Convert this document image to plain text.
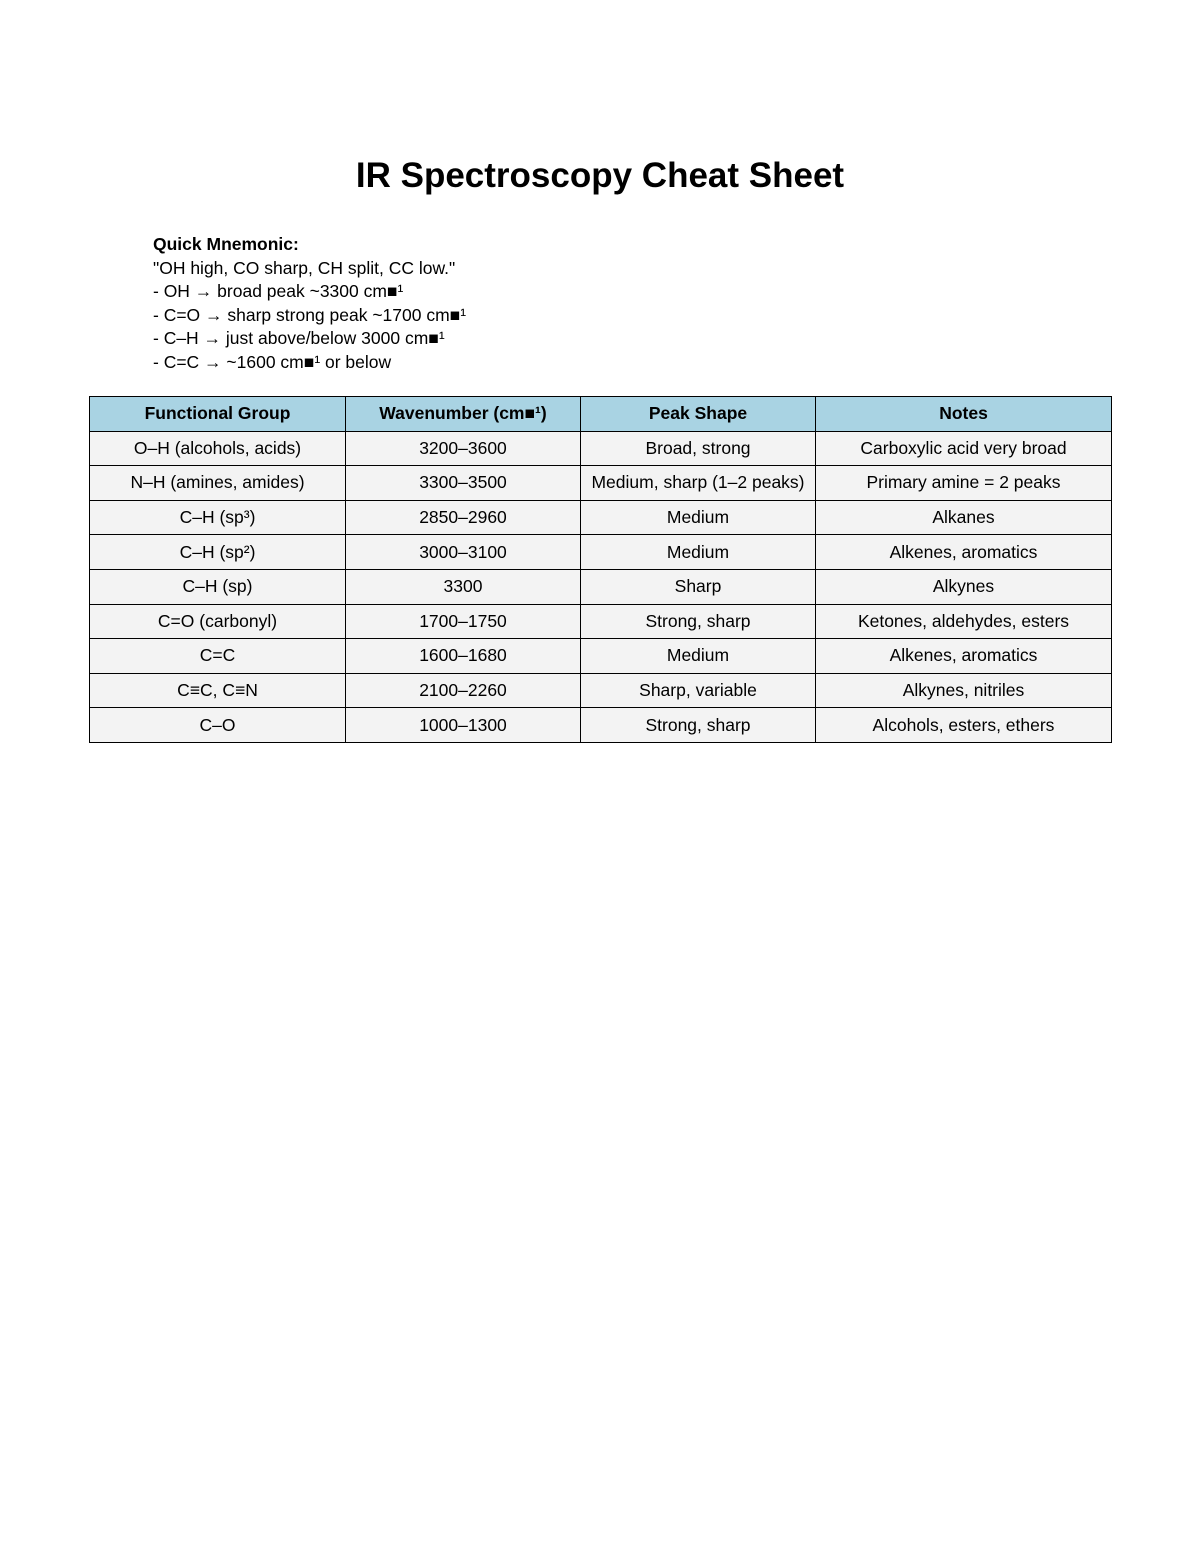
IR Spectroscopy Cheat Sheet
Quick Mnemonic:
"OH high, CO sharp, CH split, CC low."
- OH → broad peak ~3300 cm■¹
- C=O → sharp strong peak ~1700 cm■¹
- C–H → just above/below 3000 cm■¹
- C=C → ~1600 cm■¹ or below
Functional Group	Wavenumber (cm■¹)	Peak Shape	Notes
O–H (alcohols, acids)	3200–3600	Broad, strong	Carboxylic acid very broad
N–H (amines, amides)	3300–3500	Medium, sharp (1–2 peaks)	Primary amine = 2 peaks
C–H (sp³)	2850–2960	Medium	Alkanes
C–H (sp²)	3000–3100	Medium	Alkenes, aromatics
C–H (sp)	3300	Sharp	Alkynes
C=O (carbonyl)	1700–1750	Strong, sharp	Ketones, aldehydes, esters
C=C	1600–1680	Medium	Alkenes, aromatics
C≡C, C≡N	2100–2260	Sharp, variable	Alkynes, nitriles
C–O	1000–1300	Strong, sharp	Alcohols, esters, ethers
